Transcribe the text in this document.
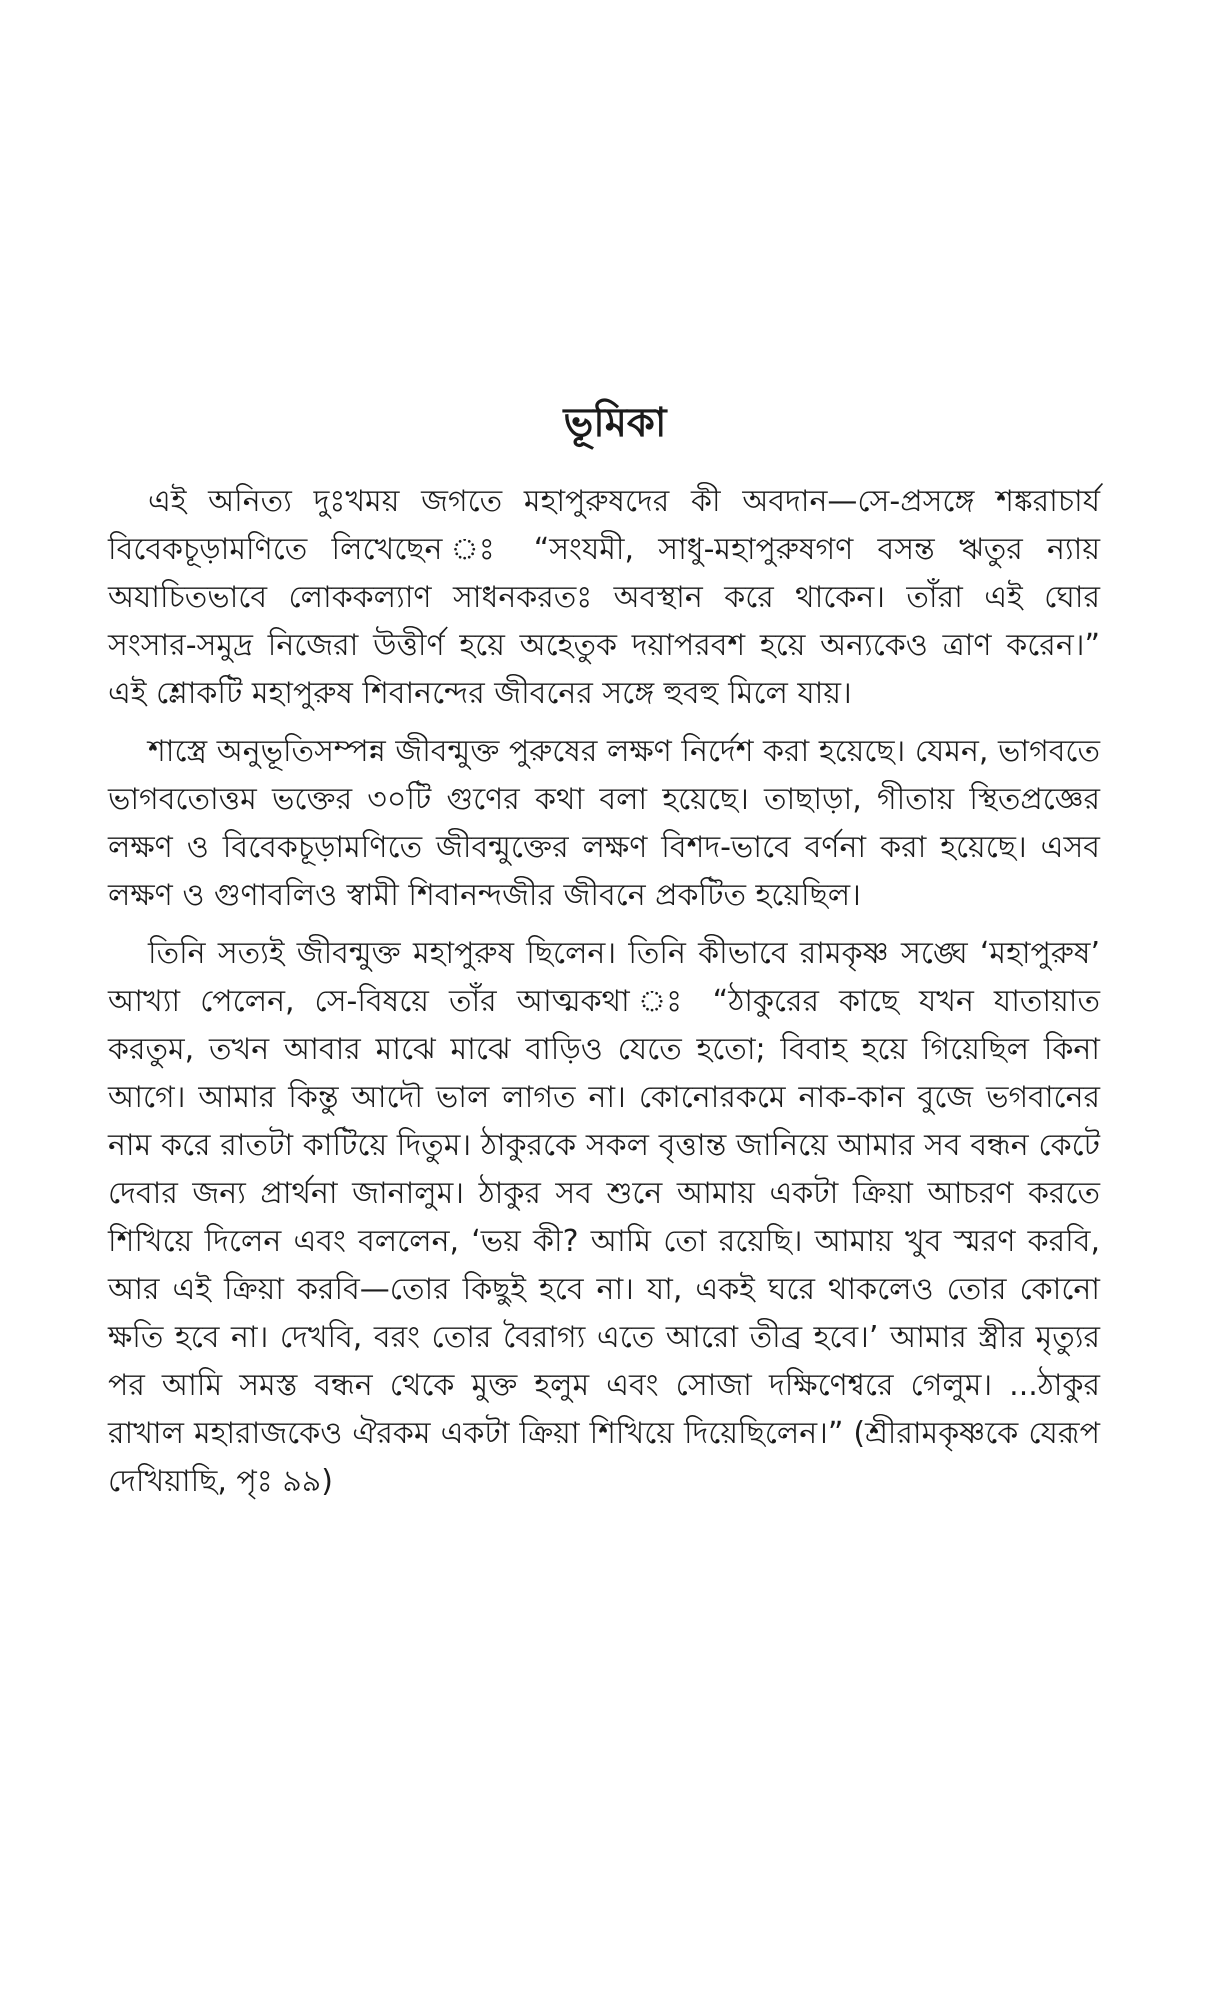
ভূমিকা

এই অনিত্য দুঃখময় জগতে মহাপুরুষদের কী অবদান—সে-প্রসঙ্গে শঙ্করাচার্য বিবেকচূড়ামণিতে লিখেছেন ঃ “সংযমী, সাধু-মহাপুরুষগণ বসন্ত ঋতুর ন্যায় অযাচিতভাবে লোককল্যাণ সাধনকরতঃ অবস্থান করে থাকেন। তাঁরা এই ঘোর সংসার-সমুদ্র নিজেরা উত্তীর্ণ হয়ে অহেতুক দয়াপরবশ হয়ে অন্যকেও ত্রাণ করেন।” এই শ্লোকটি মহাপুরুষ শিবানন্দের জীবনের সঙ্গে হুবহু মিলে যায়।

শাস্ত্রে অনুভূতিসম্পন্ন জীবন্মুক্ত পুরুষের লক্ষণ নির্দেশ করা হয়েছে। যেমন, ভাগবতে ভাগবতোত্তম ভক্তের ৩০টি গুণের কথা বলা হয়েছে। তাছাড়া, গীতায় স্থিতপ্রজ্ঞের লক্ষণ ও বিবেকচূড়ামণিতে জীবন্মুক্তের লক্ষণ বিশদ-ভাবে বর্ণনা করা হয়েছে। এসব লক্ষণ ও গুণাবলিও স্বামী শিবানন্দজীর জীবনে প্রকটিত হয়েছিল।

তিনি সত্যই জীবন্মুক্ত মহাপুরুষ ছিলেন। তিনি কীভাবে রামকৃষ্ণ সঙ্ঘে ‘মহাপুরুষ’ আখ্যা পেলেন, সে-বিষয়ে তাঁর আত্মকথা ঃ “ঠাকুরের কাছে যখন যাতায়াত করতুম, তখন আবার মাঝে মাঝে বাড়িও যেতে হতো; বিবাহ হয়ে গিয়েছিল কিনা আগে। আমার কিন্তু আদৌ ভাল লাগত না। কোনোরকমে নাক-কান বুজে ভগবানের নাম করে রাতটা কাটিয়ে দিতুম। ঠাকুরকে সকল বৃত্তান্ত জানিয়ে আমার সব বন্ধন কেটে দেবার জন্য প্রার্থনা জানালুম। ঠাকুর সব শুনে আমায় একটা ক্রিয়া আচরণ করতে শিখিয়ে দিলেন এবং বললেন, ‘ভয় কী? আমি তো রয়েছি। আমায় খুব স্মরণ করবি, আর এই ক্রিয়া করবি—তোর কিছুই হবে না। যা, একই ঘরে থাকলেও তোর কোনো ক্ষতি হবে না। দেখবি, বরং তোর বৈরাগ্য এতে আরো তীব্র হবে।’ আমার স্ত্রীর মৃত্যুর পর আমি সমস্ত বন্ধন থেকে মুক্ত হলুম এবং সোজা দক্ষিণেশ্বরে গেলুম। ...ঠাকুর রাখাল মহারাজকেও ঐরকম একটা ক্রিয়া শিখিয়ে দিয়েছিলেন।” (শ্রীরামকৃষ্ণকে যেরূপ দেখিয়াছি, পৃঃ ৯৯)
